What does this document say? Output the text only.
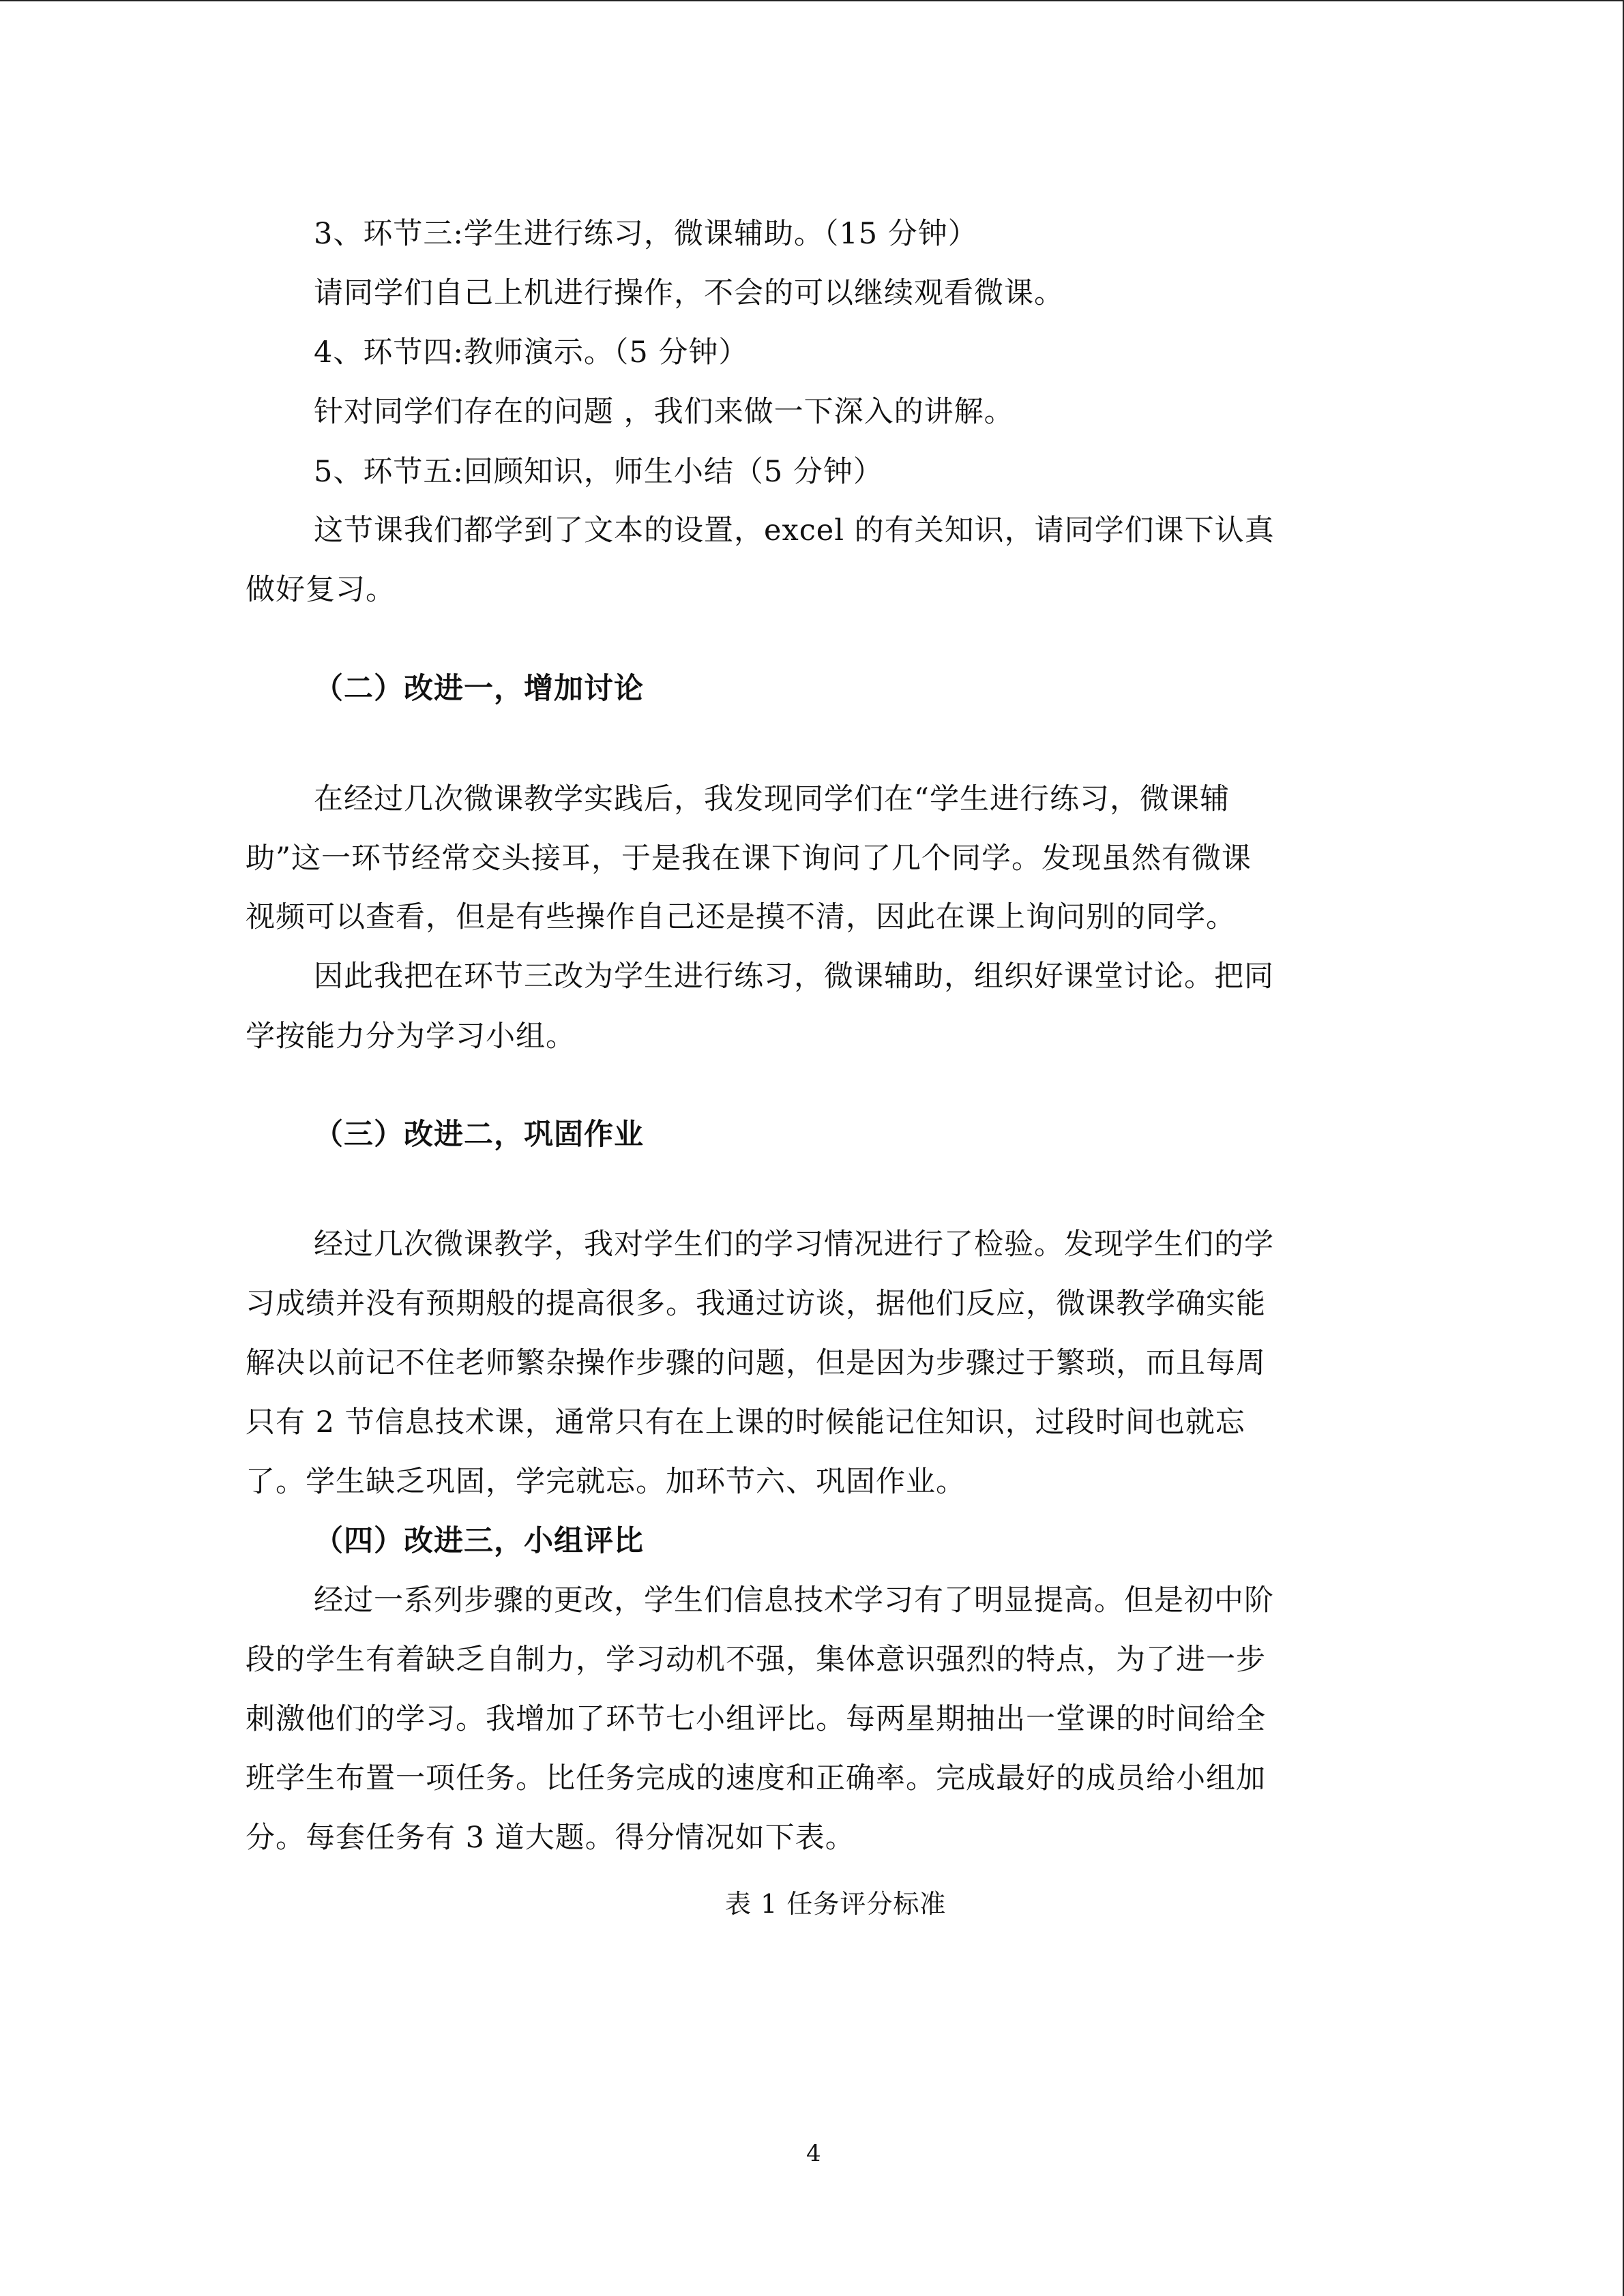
3、环节三:学生进行练习，微课辅助。（15 分钟）
请同学们自己上机进行操作，不会的可以继续观看微课。
4、环节四:教师演示。（5 分钟）
针对同学们存在的问题 ，我们来做一下深入的讲解。
5、环节五:回顾知识，师生小结（5 分钟）
这节课我们都学到了文本的设置，excel 的有关知识，请同学们课下认真
做好复习。
（二）改进一，增加讨论
在经过几次微课教学实践后，我发现同学们在“学生进行练习，微课辅
助”这一环节经常交头接耳，于是我在课下询问了几个同学。发现虽然有微课
视频可以查看，但是有些操作自己还是摸不清，因此在课上询问别的同学。
因此我把在环节三改为学生进行练习，微课辅助，组织好课堂讨论。把同
学按能力分为学习小组。
（三）改进二，巩固作业
经过几次微课教学，我对学生们的学习情况进行了检验。发现学生们的学
习成绩并没有预期般的提高很多。我通过访谈，据他们反应，微课教学确实能
解决以前记不住老师繁杂操作步骤的问题，但是因为步骤过于繁琐，而且每周
只有 2 节信息技术课，通常只有在上课的时候能记住知识，过段时间也就忘
了。学生缺乏巩固，学完就忘。加环节六、巩固作业。
（四）改进三，小组评比
经过一系列步骤的更改，学生们信息技术学习有了明显提高。但是初中阶
段的学生有着缺乏自制力，学习动机不强，集体意识强烈的特点，为了进一步
刺激他们的学习。我增加了环节七小组评比。每两星期抽出一堂课的时间给全
班学生布置一项任务。比任务完成的速度和正确率。完成最好的成员给小组加
分。每套任务有 3 道大题。得分情况如下表。
表 1 任务评分标准
4
